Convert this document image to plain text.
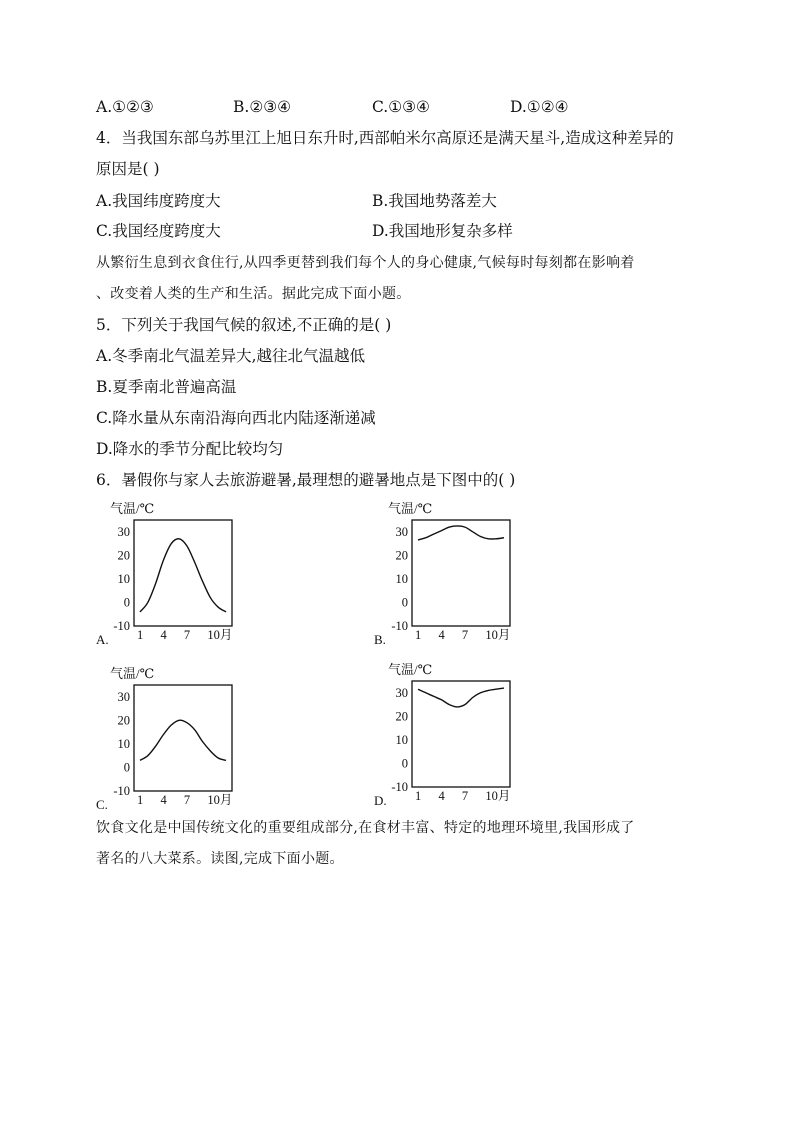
A.①②③	B.②③④	C.①③④	D.①②④
4．当我国东部乌苏里江上旭日东升时,西部帕米尔高原还是满天星斗,造成这种差异的
原因是( )
A.我国纬度跨度大	B.我国地势落差大
C.我国经度跨度大	D.我国地形复杂多样
从繁衍生息到衣食住行,从四季更替到我们每个人的身心健康,气候每时每刻都在影响着
、改变着人类的生产和生活。据此完成下面小题。
5．下列关于我国气候的叙述,不正确的是( )
A.冬季南北气温差异大,越往北气温越低
B.夏季南北普遍高温
C.降水量从东南沿海向西北内陆逐渐递减
D.降水的季节分配比较均匀
6．暑假你与家人去旅游避暑,最理想的避暑地点是下图中的( )
气温/℃
30
20
10
0
-10
1 4 7 10月
A.
气温/℃
30
20
10
0
-10
1 4 7 10月
B.
气温/℃
30
20
10
0
-10
1 4 7 10月
C.
气温/℃
30
20
10
0
-10
1 4 7 10月
D.
饮食文化是中国传统文化的重要组成部分,在食材丰富、特定的地理环境里,我国形成了
著名的八大菜系。读图,完成下面小题。
